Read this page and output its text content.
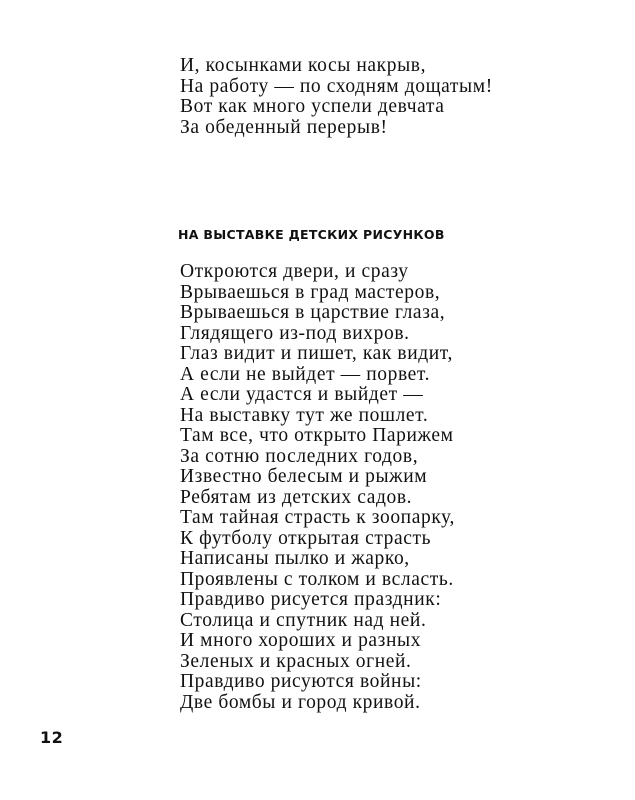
И, косынками косы накрыв,
На работу — по сходням дощатым!
Вот как много успели девчата
За обеденный перерыв!
НА ВЫСТАВКЕ ДЕТСКИХ РИСУНКОВ
Откроются двери, и сразу
Врываешься в град мастеров,
Врываешься в царствие глаза,
Глядящего из-под вихров.
Глаз видит и пишет, как видит,
А если не выйдет — порвет.
А если удастся и выйдет —
На выставку тут же пошлет.
Там все, что открыто Парижем
За сотню последних годов,
Известно белесым и рыжим
Ребятам из детских садов.
Там тайная страсть к зоопарку,
К футболу открытая страсть
Написаны пылко и жарко,
Проявлены с толком и всласть.
Правдиво рисуется праздник:
Столица и спутник над ней.
И много хороших и разных
Зеленых и красных огней.
Правдиво рисуются войны:
Две бомбы и город кривой.
12
